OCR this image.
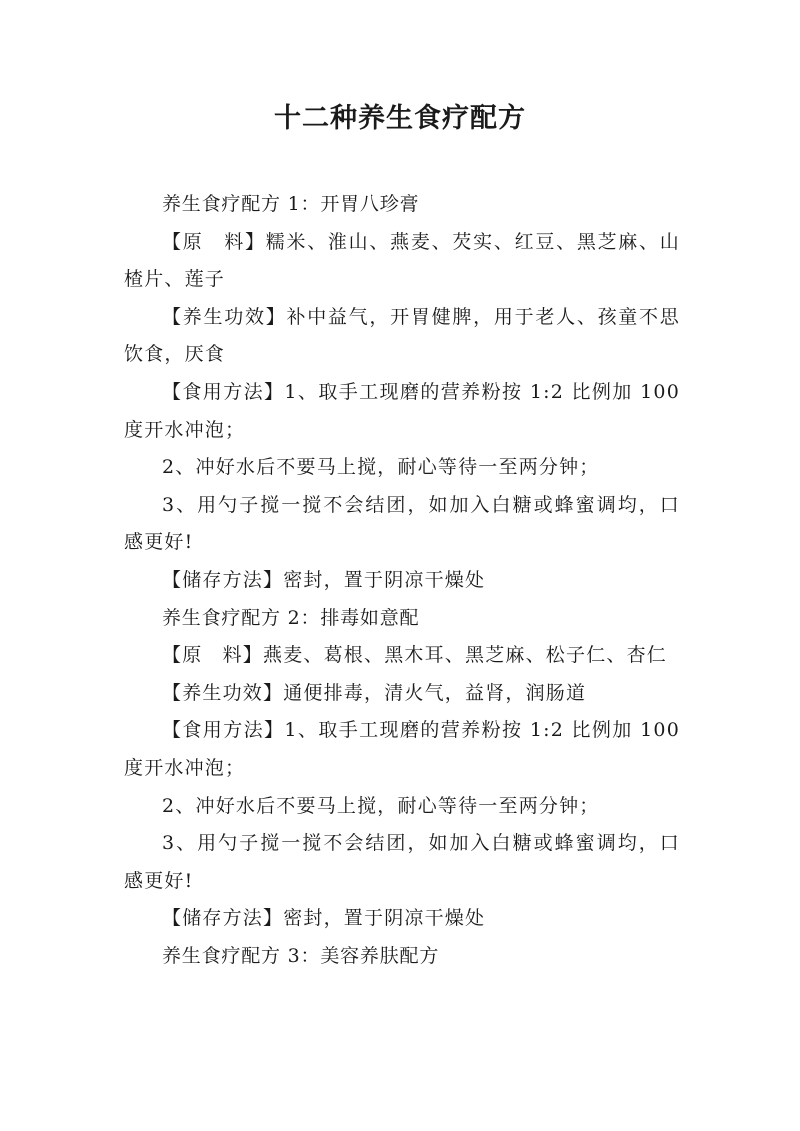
十二种养生食疗配方

养生食疗配方 1：开胃八珍膏

【原　料】糯米、淮山、燕麦、芡实、红豆、黑芝麻、山楂片、莲子

【养生功效】补中益气，开胃健脾，用于老人、孩童不思饮食，厌食

【食用方法】1、取手工现磨的营养粉按 1:2 比例加 100 度开水冲泡；

2、冲好水后不要马上搅，耐心等待一至两分钟；

3、用勺子搅一搅不会结团，如加入白糖或蜂蜜调均，口感更好!

【储存方法】密封，置于阴凉干燥处

养生食疗配方 2：排毒如意配

【原　料】燕麦、葛根、黑木耳、黑芝麻、松子仁、杏仁

【养生功效】通便排毒，清火气，益肾，润肠道

【食用方法】1、取手工现磨的营养粉按 1:2 比例加 100 度开水冲泡；

2、冲好水后不要马上搅，耐心等待一至两分钟；

3、用勺子搅一搅不会结团，如加入白糖或蜂蜜调均，口感更好!

【储存方法】密封，置于阴凉干燥处

养生食疗配方 3：美容养肤配方
